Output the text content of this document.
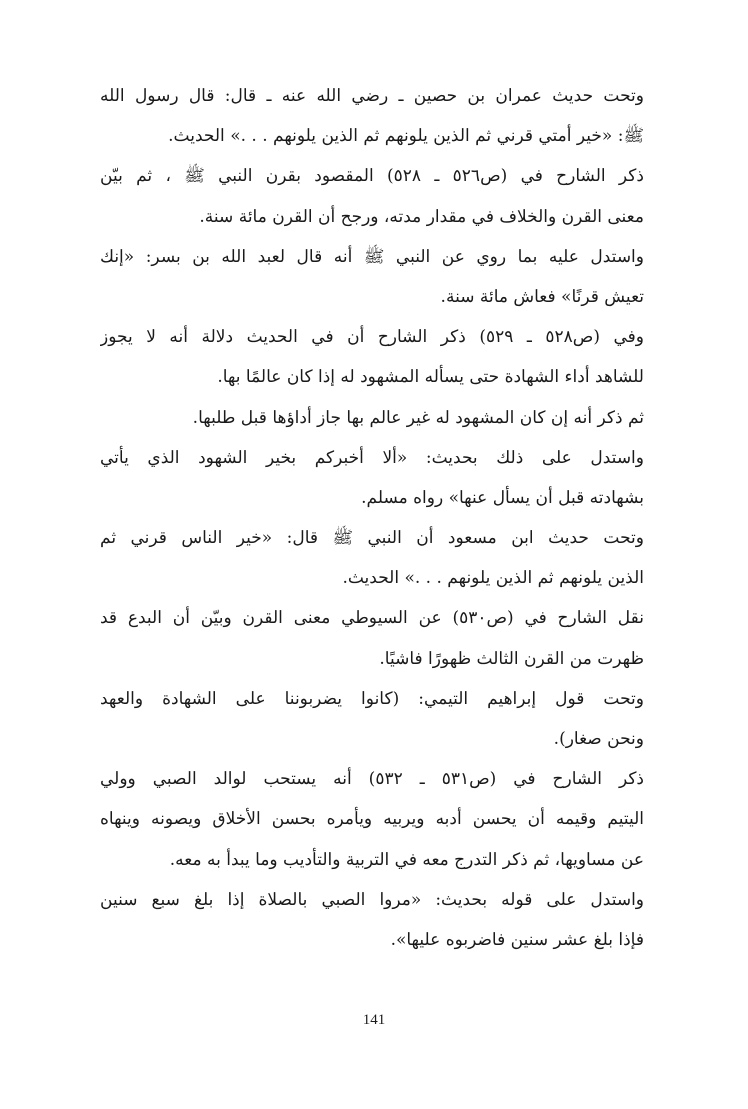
وتحت حديث عمران بن حصين ـ رضي الله عنه ـ قال: قال رسول الله
ﷺ: «خير أمتي قرني ثم الذين يلونهم ثم الذين يلونهم . . .» الحديث.
ذكر الشارح في (ص٥٢٦ ـ ٥٢٨) المقصود بقرن النبي ﷺ ، ثم بيّن
معنى القرن والخلاف في مقدار مدته، ورجح أن القرن مائة سنة.
واستدل عليه بما روي عن النبي ﷺ أنه قال لعبد الله بن بسر: «إنك
تعيش قرنًا» فعاش مائة سنة.
وفي (ص٥٢٨ ـ ٥٢٩) ذكر الشارح أن في الحديث دلالة أنه لا يجوز
للشاهد أداء الشهادة حتى يسأله المشهود له إذا كان عالمًا بها.
ثم ذكر أنه إن كان المشهود له غير عالم بها جاز أداؤها قبل طلبها.
واستدل على ذلك بحديث: «ألا أخبركم بخير الشهود الذي يأتي
بشهادته قبل أن يسأل عنها» رواه مسلم.
وتحت حديث ابن مسعود أن النبي ﷺ قال: «خير الناس قرني ثم
الذين يلونهم ثم الذين يلونهم . . .» الحديث.
نقل الشارح في (ص٥٣٠) عن السيوطي معنى القرن وبيّن أن البدع قد
ظهرت من القرن الثالث ظهورًا فاشيًا.
وتحت قول إبراهيم التيمي: (كانوا يضربوننا على الشهادة والعهد
ونحن صغار).
ذكر الشارح في (ص٥٣١ ـ ٥٣٢) أنه يستحب لوالد الصبي وولي
اليتيم وقيمه أن يحسن أدبه ويربيه ويأمره بحسن الأخلاق ويصونه وينهاه
عن مساويها، ثم ذكر التدرج معه في التربية والتأديب وما يبدأ به معه.
واستدل على قوله بحديث: «مروا الصبي بالصلاة إذا بلغ سبع سنين
فإذا بلغ عشر سنين فاضربوه عليها».
141
